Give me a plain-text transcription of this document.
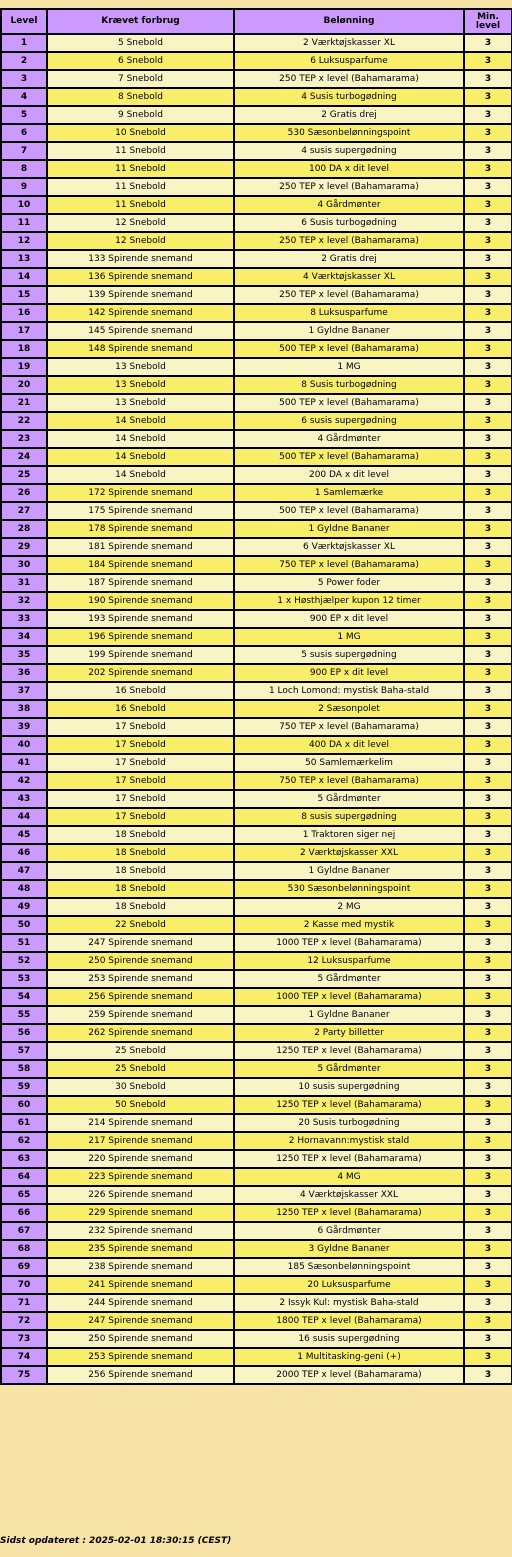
Level	Krævet forbrug	Belønning	Min. level
1	5 Snebold	2 Værktøjskasser XL	3
2	6 Snebold	6 Luksusparfume	3
3	7 Snebold	250 TEP x level (Bahamarama)	3
4	8 Snebold	4 Susis turbogødning	3
5	9 Snebold	2 Gratis drej	3
6	10 Snebold	530 Sæsonbelønningspoint	3
7	11 Snebold	4 susis supergødning	3
8	11 Snebold	100 DA x dit level	3
9	11 Snebold	250 TEP x level (Bahamarama)	3
10	11 Snebold	4 Gårdmønter	3
11	12 Snebold	6 Susis turbogødning	3
12	12 Snebold	250 TEP x level (Bahamarama)	3
13	133 Spirende snemand	2 Gratis drej	3
14	136 Spirende snemand	4 Værktøjskasser XL	3
15	139 Spirende snemand	250 TEP x level (Bahamarama)	3
16	142 Spirende snemand	8 Luksusparfume	3
17	145 Spirende snemand	1 Gyldne Bananer	3
18	148 Spirende snemand	500 TEP x level (Bahamarama)	3
19	13 Snebold	1 MG	3
20	13 Snebold	8 Susis turbogødning	3
21	13 Snebold	500 TEP x level (Bahamarama)	3
22	14 Snebold	6 susis supergødning	3
23	14 Snebold	4 Gårdmønter	3
24	14 Snebold	500 TEP x level (Bahamarama)	3
25	14 Snebold	200 DA x dit level	3
26	172 Spirende snemand	1 Samlemærke	3
27	175 Spirende snemand	500 TEP x level (Bahamarama)	3
28	178 Spirende snemand	1 Gyldne Bananer	3
29	181 Spirende snemand	6 Værktøjskasser XL	3
30	184 Spirende snemand	750 TEP x level (Bahamarama)	3
31	187 Spirende snemand	5 Power foder	3
32	190 Spirende snemand	1 x Høsthjælper kupon 12 timer	3
33	193 Spirende snemand	900 EP x dit level	3
34	196 Spirende snemand	1 MG	3
35	199 Spirende snemand	5 susis supergødning	3
36	202 Spirende snemand	900 EP x dit level	3
37	16 Snebold	1 Loch Lomond: mystisk Baha-stald	3
38	16 Snebold	2 Sæsonpolet	3
39	17 Snebold	750 TEP x level (Bahamarama)	3
40	17 Snebold	400 DA x dit level	3
41	17 Snebold	50 Samlemærkelim	3
42	17 Snebold	750 TEP x level (Bahamarama)	3
43	17 Snebold	5 Gårdmønter	3
44	17 Snebold	8 susis supergødning	3
45	18 Snebold	1 Traktoren siger nej	3
46	18 Snebold	2 Værktøjskasser XXL	3
47	18 Snebold	1 Gyldne Bananer	3
48	18 Snebold	530 Sæsonbelønningspoint	3
49	18 Snebold	2 MG	3
50	22 Snebold	2 Kasse med mystik	3
51	247 Spirende snemand	1000 TEP x level (Bahamarama)	3
52	250 Spirende snemand	12 Luksusparfume	3
53	253 Spirende snemand	5 Gårdmønter	3
54	256 Spirende snemand	1000 TEP x level (Bahamarama)	3
55	259 Spirende snemand	1 Gyldne Bananer	3
56	262 Spirende snemand	2 Party billetter	3
57	25 Snebold	1250 TEP x level (Bahamarama)	3
58	25 Snebold	5 Gårdmønter	3
59	30 Snebold	10 susis supergødning	3
60	50 Snebold	1250 TEP x level (Bahamarama)	3
61	214 Spirende snemand	20 Susis turbogødning	3
62	217 Spirende snemand	2 Hornavann:mystisk stald	3
63	220 Spirende snemand	1250 TEP x level (Bahamarama)	3
64	223 Spirende snemand	4 MG	3
65	226 Spirende snemand	4 Værktøjskasser XXL	3
66	229 Spirende snemand	1250 TEP x level (Bahamarama)	3
67	232 Spirende snemand	6 Gårdmønter	3
68	235 Spirende snemand	3 Gyldne Bananer	3
69	238 Spirende snemand	185 Sæsonbelønningspoint	3
70	241 Spirende snemand	20 Luksusparfume	3
71	244 Spirende snemand	2 Issyk Kul: mystisk Baha-stald	3
72	247 Spirende snemand	1800 TEP x level (Bahamarama)	3
73	250 Spirende snemand	16 susis supergødning	3
74	253 Spirende snemand	1 Multitasking-geni (+)	3
75	256 Spirende snemand	2000 TEP x level (Bahamarama)	3
Sidst opdateret : 2025-02-01 18:30:15 (CEST)
